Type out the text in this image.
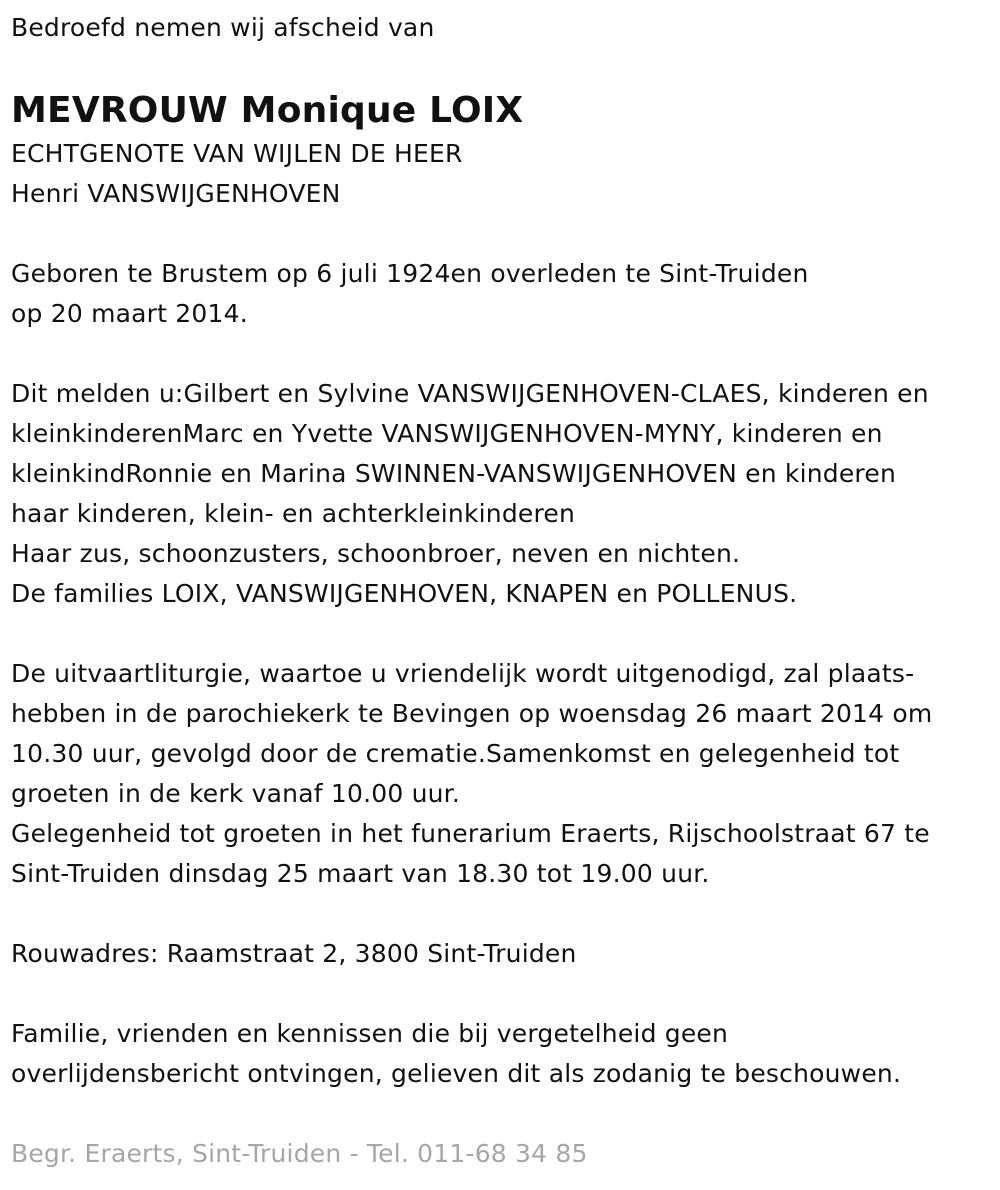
Bedroefd nemen wij afscheid van
MEVROUW Monique LOIX
ECHTGENOTE VAN WIJLEN DE HEER
Henri VANSWIJGENHOVEN
Geboren te Brustem op 6 juli 1924en overleden te Sint-Truiden
op 20 maart 2014.
Dit melden u:Gilbert en Sylvine VANSWIJGENHOVEN-CLAES, kinderen en
kleinkinderenMarc en Yvette VANSWIJGENHOVEN-MYNY, kinderen en
kleinkindRonnie en Marina SWINNEN-VANSWIJGENHOVEN en kinderen
haar kinderen, klein- en achterkleinkinderen
Haar zus, schoonzusters, schoonbroer, neven en nichten.
De families LOIX, VANSWIJGENHOVEN, KNAPEN en POLLENUS.
De uitvaartliturgie, waartoe u vriendelijk wordt uitgenodigd, zal plaats-
hebben in de parochiekerk te Bevingen op woensdag 26 maart 2014 om
10.30 uur, gevolgd door de crematie.Samenkomst en gelegenheid tot
groeten in de kerk vanaf 10.00 uur.
Gelegenheid tot groeten in het funerarium Eraerts, Rijschoolstraat 67 te
Sint-Truiden dinsdag 25 maart van 18.30 tot 19.00 uur.
Rouwadres: Raamstraat 2, 3800 Sint-Truiden
Familie, vrienden en kennissen die bij vergetelheid geen
overlijdensbericht ontvingen, gelieven dit als zodanig te beschouwen.
Begr. Eraerts, Sint-Truiden - Tel. 011-68 34 85
